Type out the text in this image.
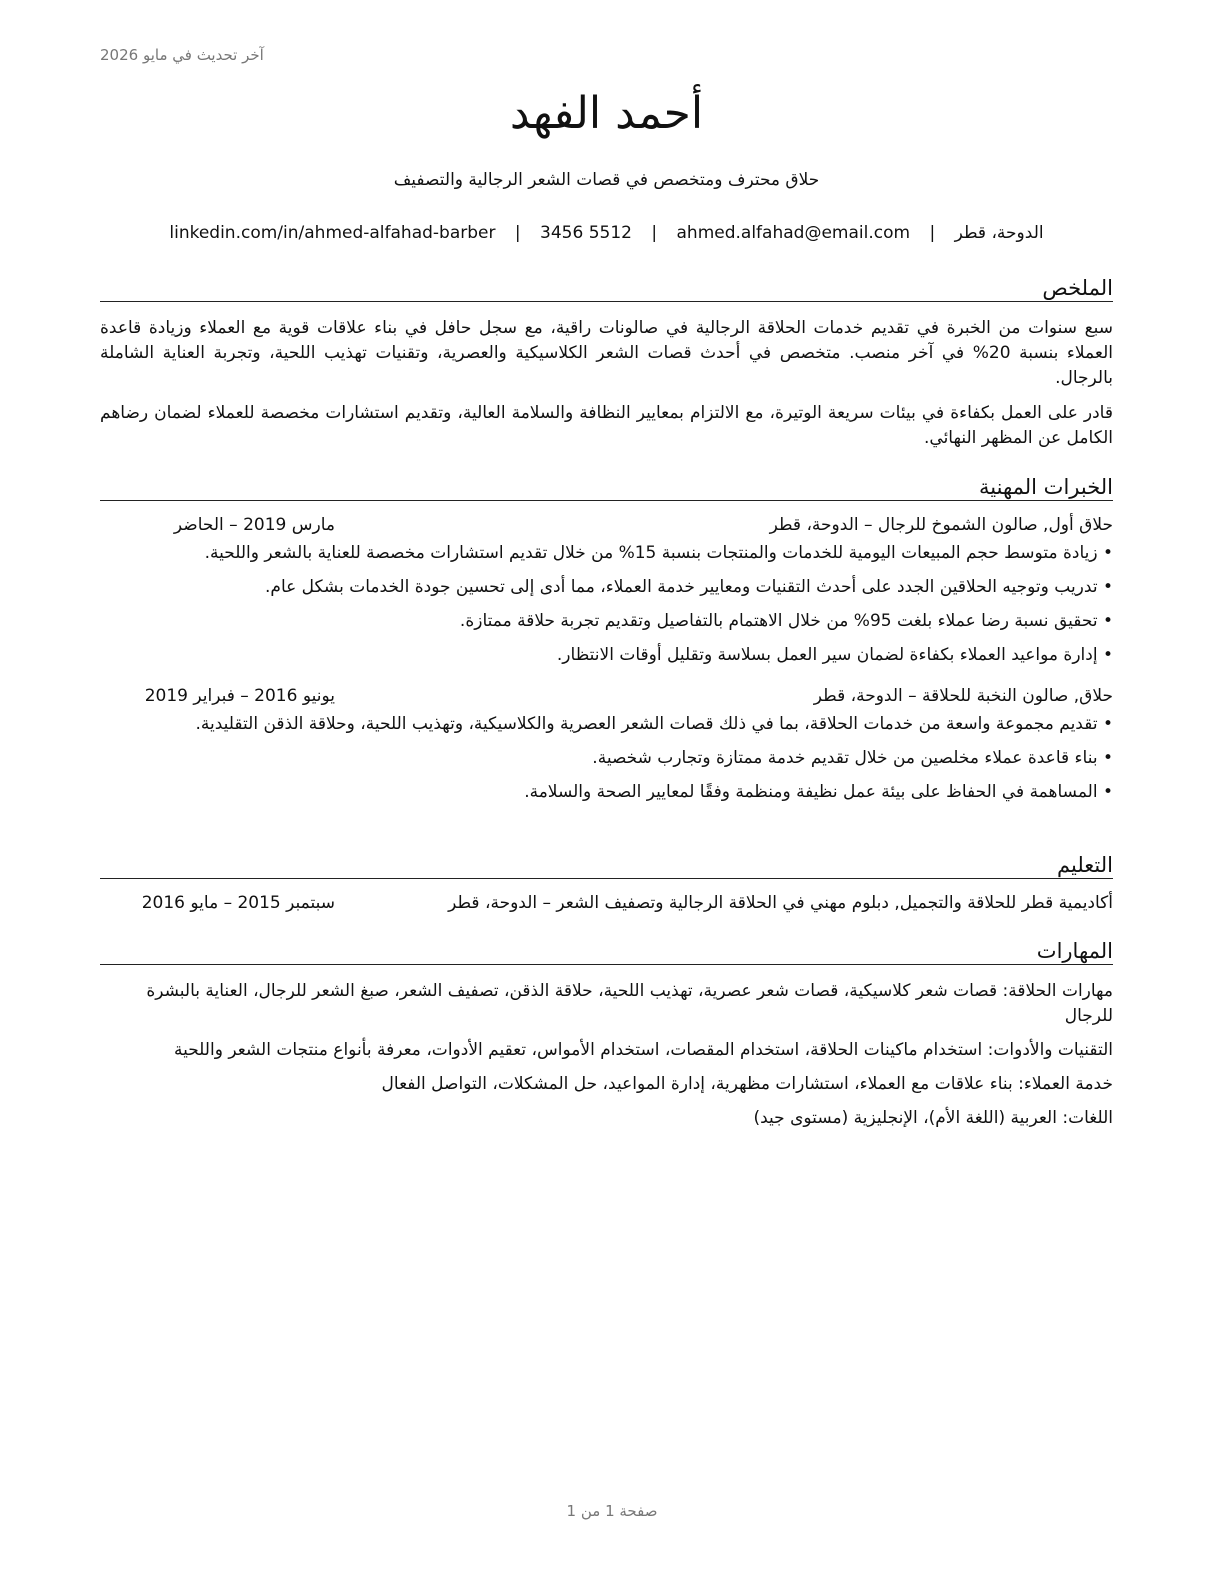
آخر تحديث في مايو 2026
أحمد الفهد
حلاق محترف ومتخصص في قصات الشعر الرجالية والتصفيف
الدوحة، قطر | ahmed.alfahad@email.com | 3456 5512 | linkedin.com/in/ahmed-alfahad-barber
الملخص

سبع سنوات من الخبرة في تقديم خدمات الحلاقة الرجالية في صالونات راقية، مع سجل حافل في بناء علاقات قوية مع العملاء وزيادة قاعدة العملاء بنسبة 20% في آخر منصب. متخصص في أحدث قصات الشعر الكلاسيكية والعصرية، وتقنيات تهذيب اللحية، وتجربة العناية الشاملة بالرجال.

قادر على العمل بكفاءة في بيئات سريعة الوتيرة، مع الالتزام بمعايير النظافة والسلامة العالية، وتقديم استشارات مخصصة للعملاء لضمان رضاهم الكامل عن المظهر النهائي.

الخبرات المهنية
حلاق أول, صالون الشموخ للرجال – الدوحة، قطر
مارس 2019 – الحاضر
• زيادة متوسط حجم المبيعات اليومية للخدمات والمنتجات بنسبة 15% من خلال تقديم استشارات مخصصة للعناية بالشعر واللحية.
• تدريب وتوجيه الحلاقين الجدد على أحدث التقنيات ومعايير خدمة العملاء، مما أدى إلى تحسين جودة الخدمات بشكل عام.
• تحقيق نسبة رضا عملاء بلغت 95% من خلال الاهتمام بالتفاصيل وتقديم تجربة حلاقة ممتازة.
• إدارة مواعيد العملاء بكفاءة لضمان سير العمل بسلاسة وتقليل أوقات الانتظار.
حلاق, صالون النخبة للحلاقة – الدوحة، قطر
يونيو 2016 – فبراير 2019
• تقديم مجموعة واسعة من خدمات الحلاقة، بما في ذلك قصات الشعر العصرية والكلاسيكية، وتهذيب اللحية، وحلاقة الذقن التقليدية.
• بناء قاعدة عملاء مخلصين من خلال تقديم خدمة ممتازة وتجارب شخصية.
• المساهمة في الحفاظ على بيئة عمل نظيفة ومنظمة وفقًا لمعايير الصحة والسلامة.
التعليم
أكاديمية قطر للحلاقة والتجميل, دبلوم مهني في الحلاقة الرجالية وتصفيف الشعر – الدوحة، قطر
سبتمبر 2015 – مايو 2016
المهارات

مهارات الحلاقة: قصات شعر كلاسيكية، قصات شعر عصرية، تهذيب اللحية، حلاقة الذقن، تصفيف الشعر، صبغ الشعر للرجال، العناية بالبشرة للرجال

التقنيات والأدوات: استخدام ماكينات الحلاقة، استخدام المقصات، استخدام الأمواس، تعقيم الأدوات، معرفة بأنواع منتجات الشعر واللحية

خدمة العملاء: بناء علاقات مع العملاء، استشارات مظهرية، إدارة المواعيد، حل المشكلات، التواصل الفعال

اللغات: العربية (اللغة الأم)، الإنجليزية (مستوى جيد)

صفحة 1 من 1
